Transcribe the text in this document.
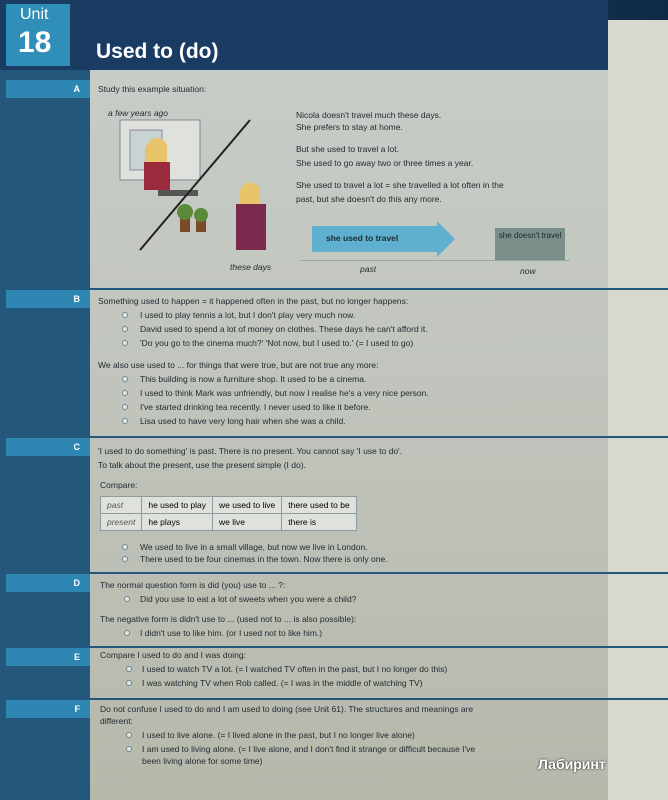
Unit
18 Used to (do)
A	Study this example situation:
a few years ago
these days
Nicola doesn't travel much these days.
She prefers to stay at home.
But she used to travel a lot.
She used to go away two or three times a year.
She used to travel a lot = she travelled a lot often in the
past, but she doesn't do this any more.
she used to travel	she doesn't travel
past	now
B	Something used to happen = it happened often in the past, but no longer happens:
I used to play tennis a lot, but I don't play very much now.
David used to spend a lot of money on clothes. These days he can't afford it.
'Do you go to the cinema much?' 'Not now, but I used to.' (= I used to go)
We also use used to ... for things that were true, but are not true any more:
This building is now a furniture shop. It used to be a cinema.
I used to think Mark was unfriendly, but now I realise he's a very nice person.
I've started drinking tea recently. I never used to like it before.
Lisa used to have very long hair when she was a child.
C	'I used to do something' is past. There is no present. You cannot say 'I use to do'.
To talk about the present, use the present simple (I do).
Compare:
past	he used to play	we used to live	there used to be
present	he plays	we live	there is
We used to live in a small village, but now we live in London.
There used to be four cinemas in the town. Now there is only one.
D	The normal question form is did (you) use to ... ?:
Did you use to eat a lot of sweets when you were a child?
The negative form is didn't use to ... (used not to ... is also possible):
I didn't use to like him. (or I used not to like him.)
E	Compare I used to do and I was doing:
I used to watch TV a lot. (= I watched TV often in the past, but I no longer do this)
I was watching TV when Rob called. (= I was in the middle of watching TV)
F	Do not confuse I used to do and I am used to doing (see Unit 61). The structures and meanings are
different:
I used to live alone. (= I lived alone in the past, but I no longer live alone)
I am used to living alone. (= I live alone, and I don't find it strange or difficult because I've
been living alone for some time)	Лабиринт
